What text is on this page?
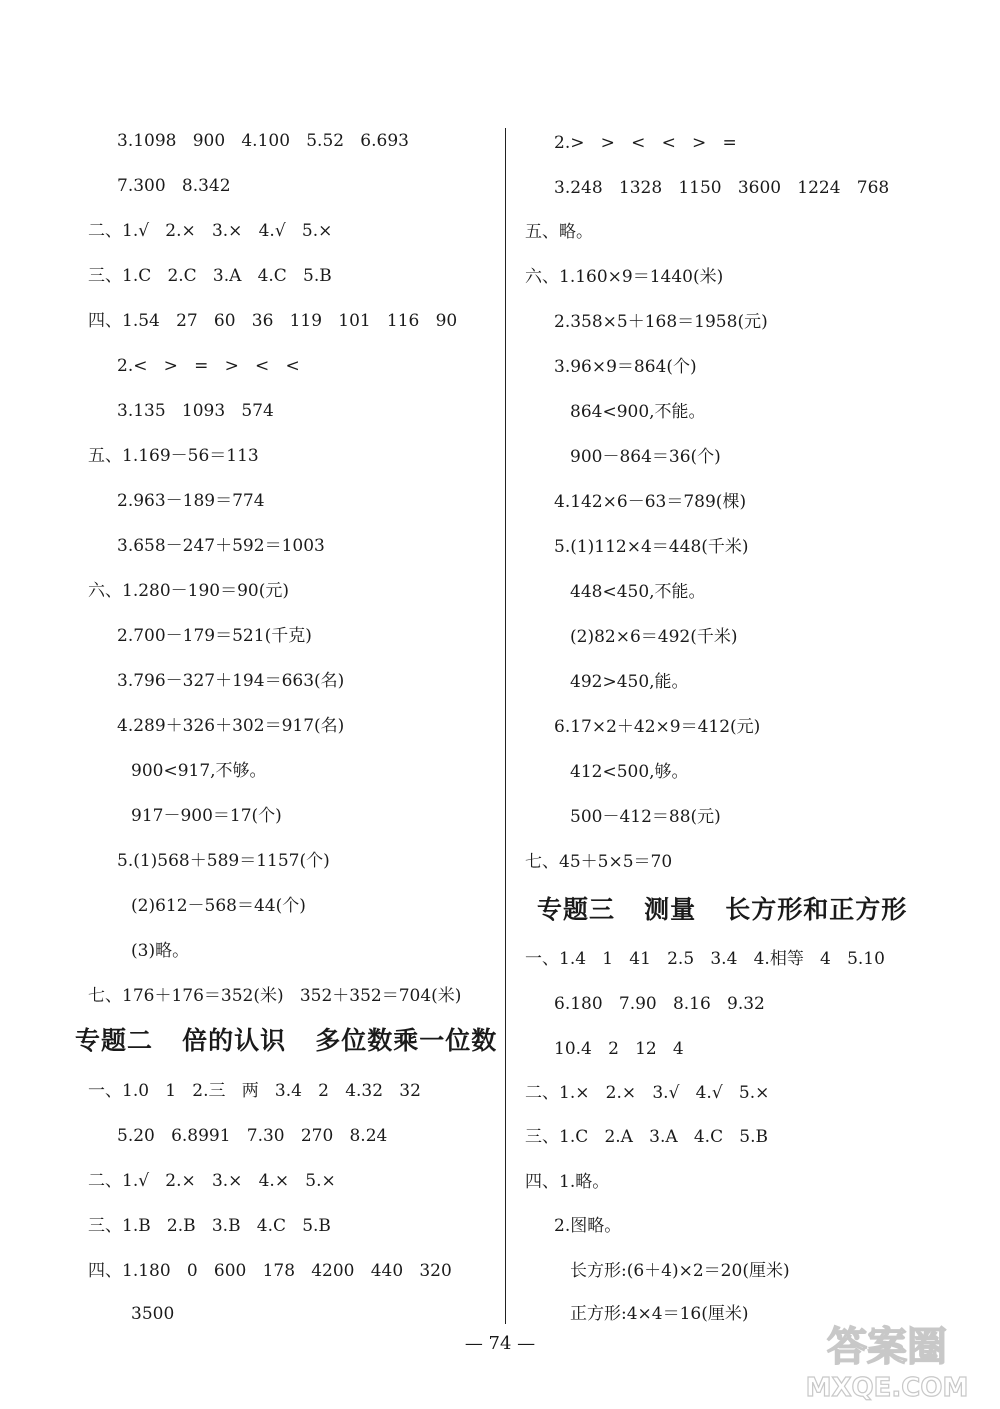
3.1098   900   4.100   5.52   6.693
7.300   8.342
二、1.√   2.×   3.×   4.√   5.×
三、1.C   2.C   3.A   4.C   5.B
四、1.54   27   60   36   119   101   116   90
2.<   >   =   >   <   <
3.135   1093   574
五、1.169－56＝113
2.963－189＝774
3.658－247＋592＝1003
六、1.280－190＝90(元)
2.700－179＝521(千克)
3.796－327＋194＝663(名)
4.289＋326＋302＝917(名)
900<917,不够。
917－900＝17(个)
5.(1)568＋589＝1157(个)
(2)612－568＝44(个)
(3)略。
七、176＋176＝352(米)   352＋352＝704(米)
专题二   倍的认识   多位数乘一位数
一、1.0   1   2.三   两   3.4   2   4.32   32
5.20   6.8991   7.30   270   8.24
二、1.√   2.×   3.×   4.×   5.×
三、1.B   2.B   3.B   4.C   5.B
四、1.180   0   600   178   4200   440   320
3500
2.>   >   <   <   >   =
3.248   1328   1150   3600   1224   768
五、略。
六、1.160×9＝1440(米)
2.358×5＋168＝1958(元)
3.96×9＝864(个)
864<900,不能。
900－864＝36(个)
4.142×6－63＝789(棵)
5.(1)112×4＝448(千米)
448<450,不能。
(2)82×6＝492(千米)
492>450,能。
6.17×2＋42×9＝412(元)
412<500,够。
500－412＝88(元)
七、45＋5×5＝70
专题三   测量   长方形和正方形
一、1.4   1   41   2.5   3.4   4.相等   4   5.10
6.180   7.90   8.16   9.32
10.4   2   12   4
二、1.×   2.×   3.√   4.√   5.×
三、1.C   2.A   3.A   4.C   5.B
四、1.略。
2.图略。
长方形:(6＋4)×2＝20(厘米)
正方形:4×4＝16(厘米)
— 74 —	答案圈
MXQE.COM
